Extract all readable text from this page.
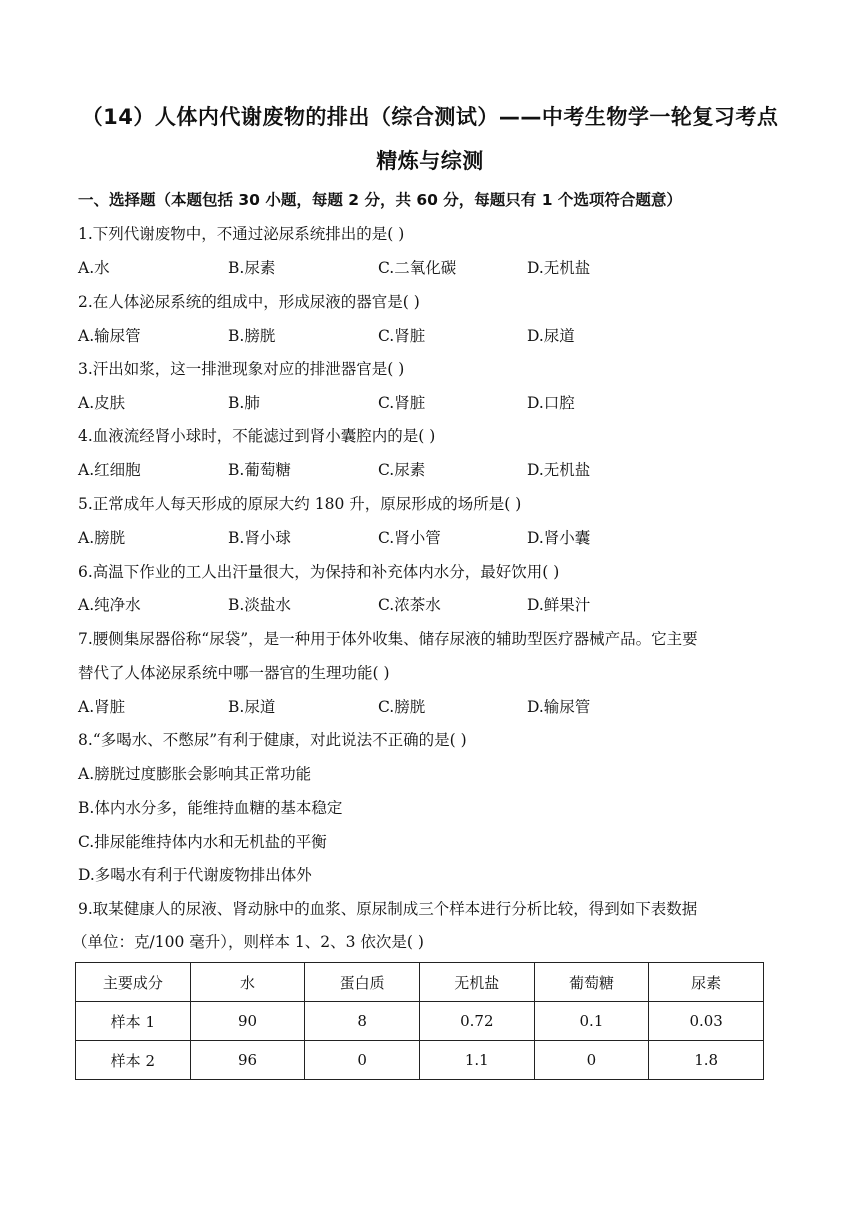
（14）人体内代谢废物的排出（综合测试）——中考生物学一轮复习考点
精炼与综测
一、选择题（本题包括 30 小题，每题 2 分，共 60 分，每题只有 1 个选项符合题意）
1.下列代谢废物中，不通过泌尿系统排出的是( )
A.水	B.尿素	C.二氧化碳	D.无机盐
2.在人体泌尿系统的组成中，形成尿液的器官是( )
A.输尿管	B.膀胱	C.肾脏	D.尿道
3.汗出如浆，这一排泄现象对应的排泄器官是( )
A.皮肤	B.肺	C.肾脏	D.口腔
4.血液流经肾小球时，不能滤过到肾小囊腔内的是( )
A.红细胞	B.葡萄糖	C.尿素	D.无机盐
5.正常成年人每天形成的原尿大约 180 升，原尿形成的场所是( )
A.膀胱	B.肾小球	C.肾小管	D.肾小囊
6.高温下作业的工人出汗量很大，为保持和补充体内水分，最好饮用( )
A.纯净水	B.淡盐水	C.浓茶水	D.鲜果汁
7.腰侧集尿器俗称“尿袋”，是一种用于体外收集、储存尿液的辅助型医疗器械产品。它主要
替代了人体泌尿系统中哪一器官的生理功能( )
A.肾脏	B.尿道	C.膀胱	D.输尿管
8.“多喝水、不憋尿”有利于健康，对此说法不正确的是( )
A.膀胱过度膨胀会影响其正常功能
B.体内水分多，能维持血糖的基本稳定
C.排尿能维持体内水和无机盐的平衡
D.多喝水有利于代谢废物排出体外
9.取某健康人的尿液、肾动脉中的血浆、原尿制成三个样本进行分析比较，得到如下表数据
（单位：克/100 毫升），则样本 1、2、3 依次是( )
主要成分	水	蛋白质	无机盐	葡萄糖	尿素
样本 1	90	8	0.72	0.1	0.03
样本 2	96	0	1.1	0	1.8
